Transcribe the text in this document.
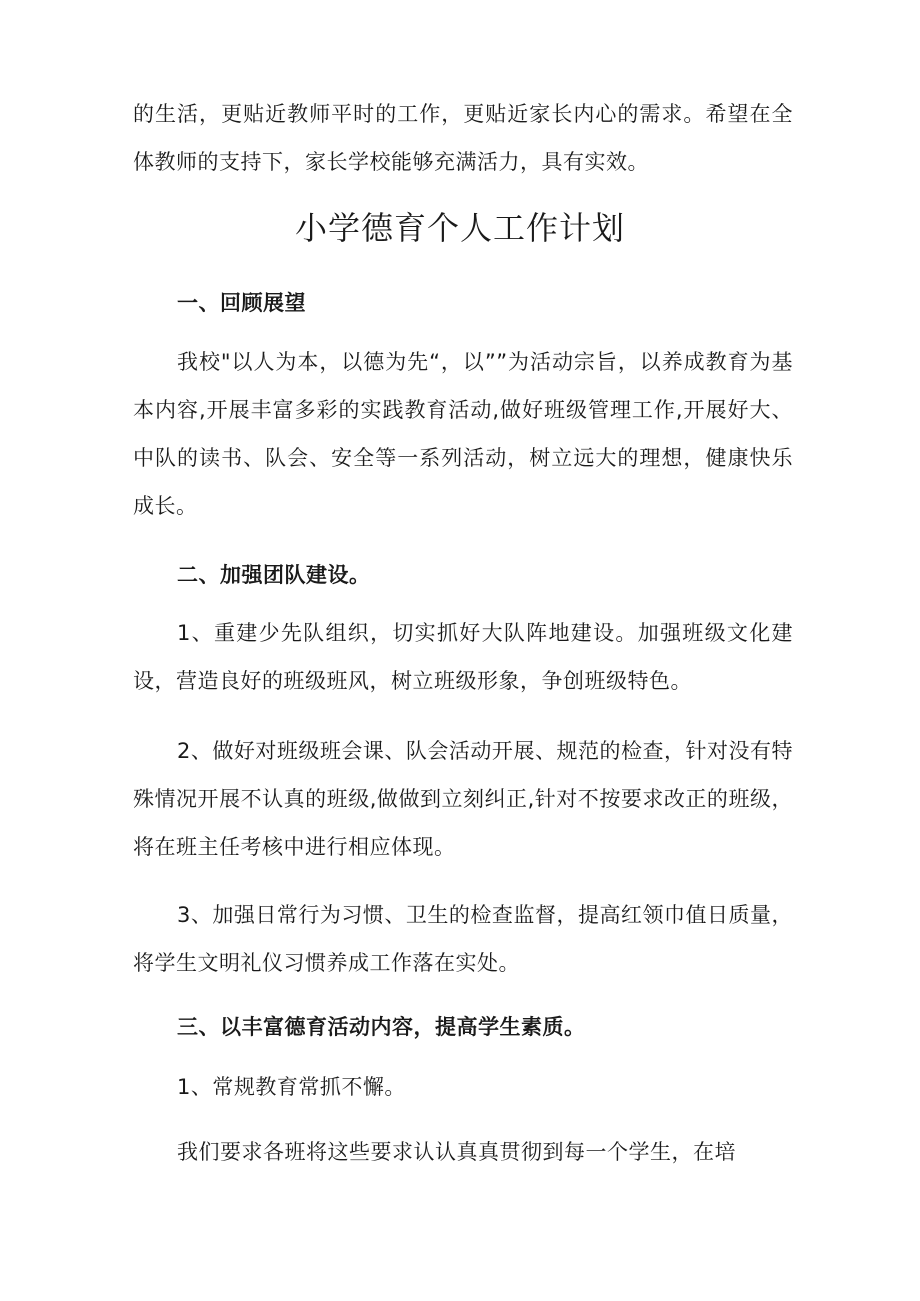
的生活，更贴近教师平时的工作，更贴近家长内心的需求。希望在全体教师的支持下，家长学校能够充满活力，具有实效。

小学德育个人工作计划

一、回顾展望

我校"以人为本，以德为先“，以””为活动宗旨，以养成教育为基本内容,开展丰富多彩的实践教育活动,做好班级管理工作,开展好大、中队的读书、队会、安全等一系列活动，树立远大的理想，健康快乐成长。

二、加强团队建设。

1、重建少先队组织，切实抓好大队阵地建设。加强班级文化建设，营造良好的班级班风，树立班级形象，争创班级特色。

2、做好对班级班会课、队会活动开展、规范的检查，针对没有特殊情况开展不认真的班级,做做到立刻纠正,针对不按要求改正的班级，将在班主任考核中进行相应体现。

3、加强日常行为习惯、卫生的检查监督，提高红领巾值日质量，将学生文明礼仪习惯养成工作落在实处。

三、以丰富德育活动内容，提高学生素质。

1、常规教育常抓不懈。

我们要求各班将这些要求认认真真贯彻到每一个学生，在培
